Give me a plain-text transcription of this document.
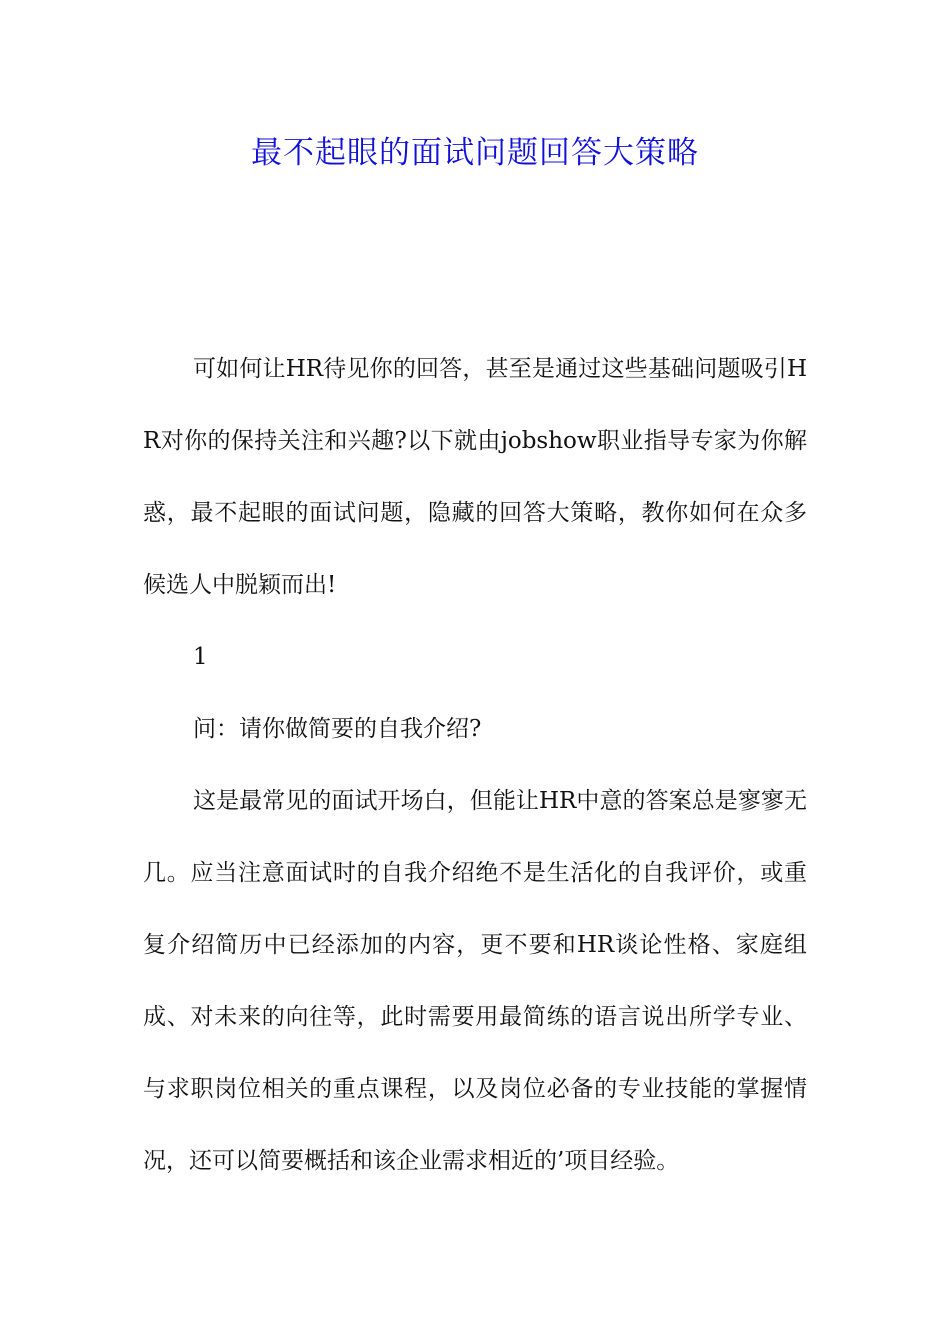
最不起眼的面试问题回答大策略

可如何让HR待见你的回答，甚至是通过这些基础问题吸引HR对你的保持关注和兴趣?以下就由jobshow职业指导专家为你解惑，最不起眼的面试问题，隐藏的回答大策略，教你如何在众多候选人中脱颖而出!

1

问：请你做简要的自我介绍?

这是最常见的面试开场白，但能让HR中意的答案总是寥寥无几。应当注意面试时的自我介绍绝不是生活化的自我评价，或重复介绍简历中已经添加的内容，更不要和HR谈论性格、家庭组成、对未来的向往等，此时需要用最简练的语言说出所学专业、与求职岗位相关的重点课程，以及岗位必备的专业技能的掌握情况，还可以简要概括和该企业需求相近的’项目经验。
